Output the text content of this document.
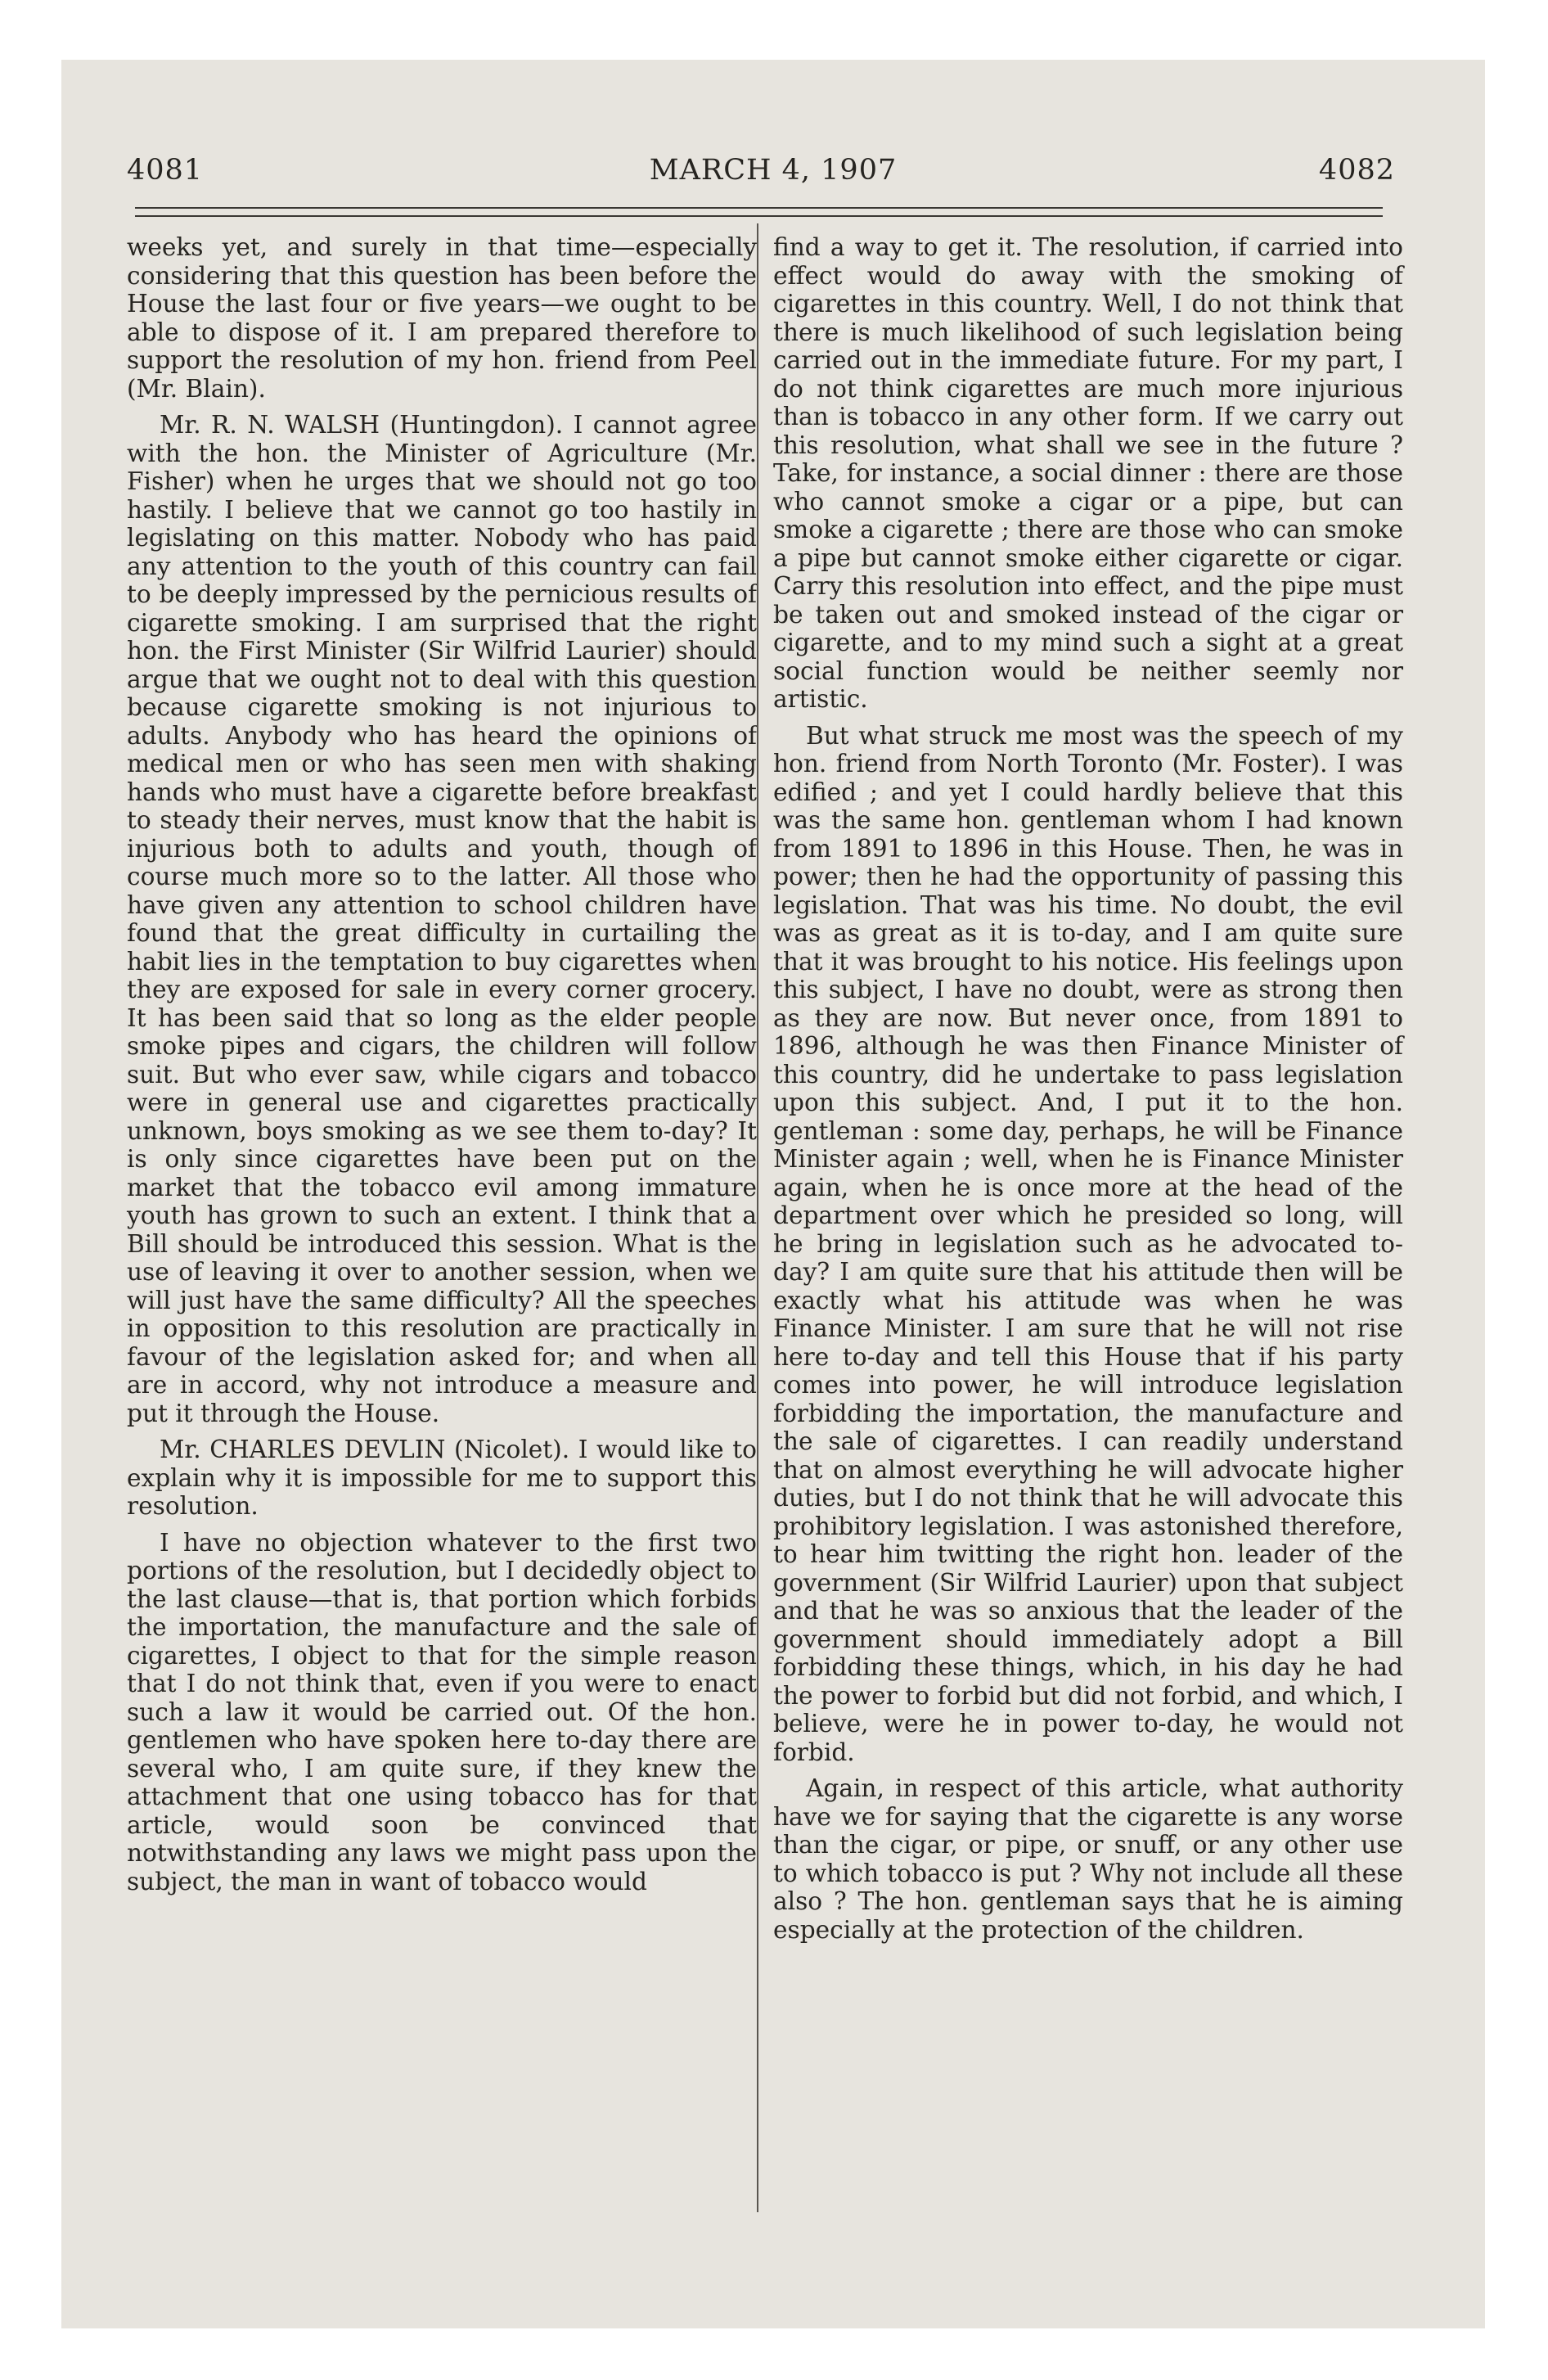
4081	MARCH 4, 1907	4082

weeks yet, and surely in that time—especially considering that this question has been before the House the last four or five years—we ought to be able to dispose of it. I am prepared therefore to support the resolution of my hon. friend from Peel (Mr. Blain).

Mr. R. N. WALSH (Huntingdon). I cannot agree with the hon. the Minister of Agriculture (Mr. Fisher) when he urges that we should not go too hastily. I believe that we cannot go too hastily in legislating on this matter. Nobody who has paid any attention to the youth of this country can fail to be deeply impressed by the pernicious results of cigarette smoking. I am surprised that the right hon. the First Minister (Sir Wilfrid Laurier) should argue that we ought not to deal with this question because cigarette smoking is not injurious to adults. Anybody who has heard the opinions of medical men or who has seen men with shaking hands who must have a cigarette before breakfast to steady their nerves, must know that the habit is injurious both to adults and youth, though of course much more so to the latter. All those who have given any attention to school children have found that the great difficulty in curtailing the habit lies in the temptation to buy cigarettes when they are exposed for sale in every corner grocery. It has been said that so long as the elder people smoke pipes and cigars, the children will follow suit. But who ever saw, while cigars and tobacco were in general use and cigarettes practically unknown, boys smoking as we see them to-day? It is only since cigarettes have been put on the market that the tobacco evil among immature youth has grown to such an extent. I think that a Bill should be introduced this session. What is the use of leaving it over to another session, when we will just have the same difficulty? All the speeches in opposition to this resolution are practically in favour of the legislation asked for; and when all are in accord, why not introduce a measure and put it through the House.

Mr. CHARLES DEVLIN (Nicolet). I would like to explain why it is impossible for me to support this resolution.

I have no objection whatever to the first two portions of the resolution, but I decidedly object to the last clause—that is, that portion which forbids the importation, the manufacture and the sale of cigarettes, I object to that for the simple reason that I do not think that, even if you were to enact such a law it would be carried out. Of the hon. gentlemen who have spoken here to-day there are several who, I am quite sure, if they knew the attachment that one using tobacco has for that article, would soon be convinced that notwithstanding any laws we might pass upon the subject, the man in want of tobacco would

find a way to get it. The resolution, if carried into effect would do away with the smoking of cigarettes in this country. Well, I do not think that there is much likelihood of such legislation being carried out in the immediate future. For my part, I do not think cigarettes are much more injurious than is tobacco in any other form. If we carry out this resolution, what shall we see in the future ? Take, for instance, a social dinner : there are those who cannot smoke a cigar or a pipe, but can smoke a cigarette ; there are those who can smoke a pipe but cannot smoke either cigarette or cigar. Carry this resolution into effect, and the pipe must be taken out and smoked instead of the cigar or cigarette, and to my mind such a sight at a great social function would be neither seemly nor artistic.

But what struck me most was the speech of my hon. friend from North Toronto (Mr. Foster). I was edified ; and yet I could hardly believe that this was the same hon. gentleman whom I had known from 1891 to 1896 in this House. Then, he was in power; then he had the opportunity of passing this legislation. That was his time. No doubt, the evil was as great as it is to-day, and I am quite sure that it was brought to his notice. His feelings upon this subject, I have no doubt, were as strong then as they are now. But never once, from 1891 to 1896, although he was then Finance Minister of this country, did he undertake to pass legislation upon this subject. And, I put it to the hon. gentleman : some day, perhaps, he will be Finance Minister again ; well, when he is Finance Minister again, when he is once more at the head of the department over which he presided so long, will he bring in legislation such as he advocated to-day? I am quite sure that his attitude then will be exactly what his attitude was when he was Finance Minister. I am sure that he will not rise here to-day and tell this House that if his party comes into power, he will introduce legislation forbidding the importation, the manufacture and the sale of cigarettes. I can readily understand that on almost everything he will advocate higher duties, but I do not think that he will advocate this prohibitory legislation. I was astonished therefore, to hear him twitting the right hon. leader of the government (Sir Wilfrid Laurier) upon that subject and that he was so anxious that the leader of the government should immediately adopt a Bill forbidding these things, which, in his day he had the power to forbid but did not forbid, and which, I believe, were he in power to-day, he would not forbid.

Again, in respect of this article, what authority have we for saying that the cigarette is any worse than the cigar, or pipe, or snuff, or any other use to which tobacco is put ? Why not include all these also ? The hon. gentleman says that he is aiming especially at the protection of the children.
